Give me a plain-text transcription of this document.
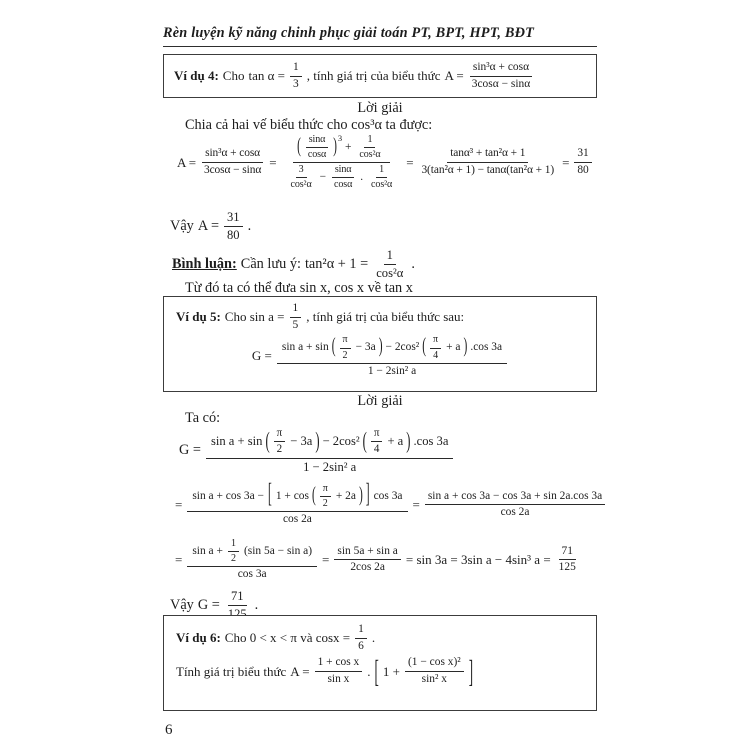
Rèn luyện kỹ năng chinh phục giải toán PT, BPT, HPT, BĐT
Ví dụ 4: Cho $\tan \alpha = \frac{1}{3}$ , tính giá trị của biểu thức $A = \frac{\text{sin³α + cosα}}{3\cos\alpha - \sin\alpha}$
Lời giải
Chia cả hai vế biểu thức cho cos³α ta được:
$A = \frac{\text{sin³α + cosα}}{3\cos\alpha - \sin\alpha}$ =
( $\frac{\sin\alpha}{\cos\alpha}$ ) 3
+ $\frac{1}{\text{cos²α}}$
$\frac{3}{\text{cos²α}} - \frac{\sin\alpha}{\cos\alpha}$ . $\frac{1}{\text{cos²α}}$
= $\frac{\text{tanα³ + tan²α + 1}}{\text{3(tan²α + 1) − tanα(tan²α + 1)}} = \frac{31}{80}$
Vậy $A = \frac{31}{80}$ .
Bình luận: Cần lưu ý: $\tan^2\alpha + 1 = \frac{1}{\text{cos²α}}$ .
Từ đó ta có thể đưa sin x, cos x về tan x
Ví dụ 5: Cho $\sin a = \frac{1}{5}$ , tính giá trị của biểu thức sau:
G =
sin a + sin ( $\frac{\pi}{2} - 3a$ ) − 2cos² ( $\frac{\pi}{4} + a$ ) .cos 3a
1 − 2sin² a
Lời giải
Ta có:
G =
sin a + sin ( $\frac{\pi}{2} - 3a$ ) − 2cos² ( $\frac{\pi}{4} + a$ ) .cos 3a
1 − 2sin² a
=
sin a + cos 3a − [ 1 + cos ( $\frac{\pi}{2} + 2a$ ) ] cos 3a
cos 2a
= $\frac{\text{sin a + cos 3a − cos 3a + sin 2a.cos 3a}}{\cos 2a}$
= $\frac{\sin a + \frac{1}{2} (\sin 5a - \sin a)}{\cos 3a} = \frac{\text{sin 5a + sin a}}{2\cos 2a} = \sin 3a = 3\sin$ a − 4sin³ $a = \frac{71}{125}$
Vậy G =
71
.
Ví dụ 6: Cho 0 < x < π và $\cos x = \frac{1}{6}$ .
Tính giá trị biểu thức $A = \frac{\text{1 + cos x}}{\text{sin x}}$ . [ $1 + \frac{\text{(1 − cos x)²}}{\text{sin² x}}$ ]
6
